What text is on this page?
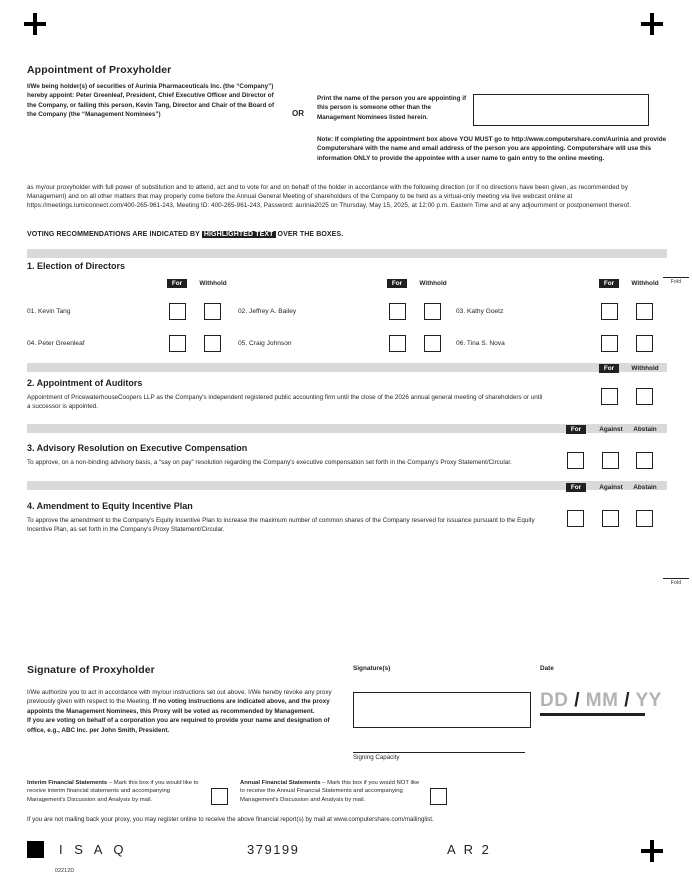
Fold
Fold
Appointment of Proxyholder
I/We being holder(s) of securities of Aurinia Pharmaceuticals Inc. (the “Company”) hereby appoint: Peter Greenleaf, President, Chief Executive Officer and Director of the Company, or failing this person, Kevin Tang, Director and Chair of the Board of the Company (the “Management Nominees”)	OR
Print the name of the person you are appointing if this person is someone other than the Management Nominees listed herein.
Note: If completing the appointment box above YOU MUST go to http://www.computershare.com/Aurinia and provide Computershare with the name and email address of the person you are appointing. Computershare will use this information ONLY to provide the appointee with a user name to gain entry to the online meeting.
as my/our proxyholder with full power of substitution and to attend, act and to vote for and on behalf of the holder in accordance with the following direction (or if no directions have been given, as recommended by Management) and on all other matters that may properly come before the Annual General Meeting of shareholders of the Company to be held as a virtual-only meeting via live webcast online at https://meetings.lumiconnect.com/400-265-961-243, Meeting ID: 400-265-961-243, Password: aurinia2025 on Thursday, May 15, 2025, at 12:00 p.m. Eastern Time and at any adjournment or postponement thereof.
VOTING RECOMMENDATIONS ARE INDICATED BY HIGHLIGHTED TEXT OVER THE BOXES.
1. Election of Directors
For	Withhold	For	Withhold	For	Withhold
01. Kevin Tang	02. Jeffrey A. Bailey	03. Kathy Goetz
04. Peter Greenleaf	05. Craig Johnson	06. Tina S. Nova
For	Withhold
2. Appointment of Auditors
Appointment of PricewaterhouseCoopers LLP as the Company's independent registered public accounting firm until the close of the 2026 annual general meeting of shareholders or until a successor is appointed.
For	Against	Abstain
3. Advisory Resolution on Executive Compensation
To approve, on a non-binding advisory basis, a “say on pay” resolution regarding the Company's executive compensation set forth in the Company's Proxy Statement/Circular.
For	Against	Abstain
4. Amendment to Equity Incentive Plan
To approve the amendment to the Company's Equity Incentive Plan to increase the maximum number of common shares of the Company reserved for issuance pursuant to the Equity Incentive Plan, as set forth in the Company's Proxy Statement/Circular.
Signature of Proxyholder
I/We authorize you to act in accordance with my/our instructions set out above. I/We hereby revoke any proxy previously given with respect to the Meeting. If no voting instructions are indicated above, and the proxy appoints the Management Nominees, this Proxy will be voted as recommended by Management.
If you are voting on behalf of a corporation you are required to provide your name and designation of office, e.g., ABC Inc. per John Smith, President.
Signature(s)
Signing Capacity
Date
DD / MM / YY
Interim Financial Statements – Mark this box if you would like to receive interim financial statements and accompanying Management's Discussion and Analysis by mail.
Annual Financial Statements – Mark this box if you would NOT like to receive the Annual Financial Statements and accompanying Management's Discussion and Analysis by mail.
If you are not mailing back your proxy, you may register online to receive the above financial report(s) by mail at www.computershare.com/mailinglist.
I S A Q	379199	A R 2
02212D
